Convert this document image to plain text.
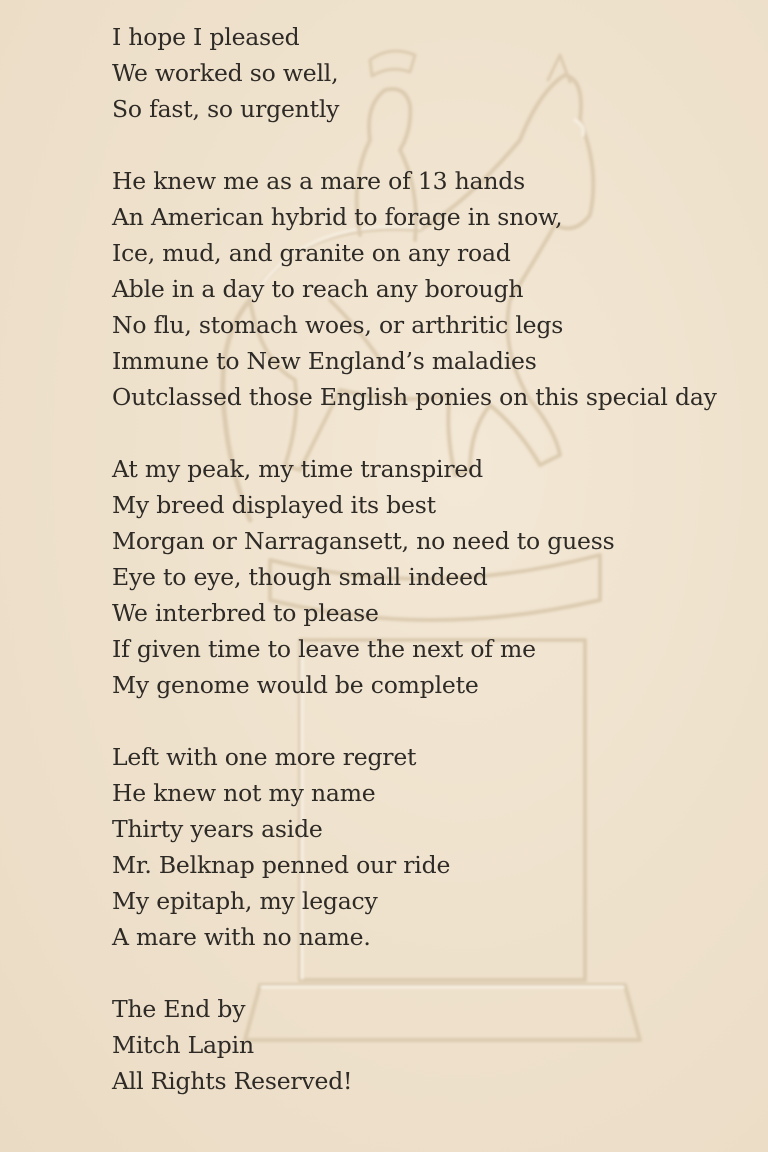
I hope I pleased
We worked so well,
So fast, so urgently
He knew me as a mare of 13 hands
An American hybrid to forage in snow,
Ice, mud, and granite on any road
Able in a day to reach any borough
No flu, stomach woes, or arthritic legs
Immune to New England’s maladies
Outclassed those English ponies on this special day
At my peak, my time transpired
My breed displayed its best
Morgan or Narragansett, no need to guess
Eye to eye, though small indeed
We interbred to please
If given time to leave the next of me
My genome would be complete
Left with one more regret
He knew not my name
Thirty years aside
Mr. Belknap penned our ride
My epitaph, my legacy
A mare with no name.
The End by
Mitch Lapin
All Rights Reserved!
